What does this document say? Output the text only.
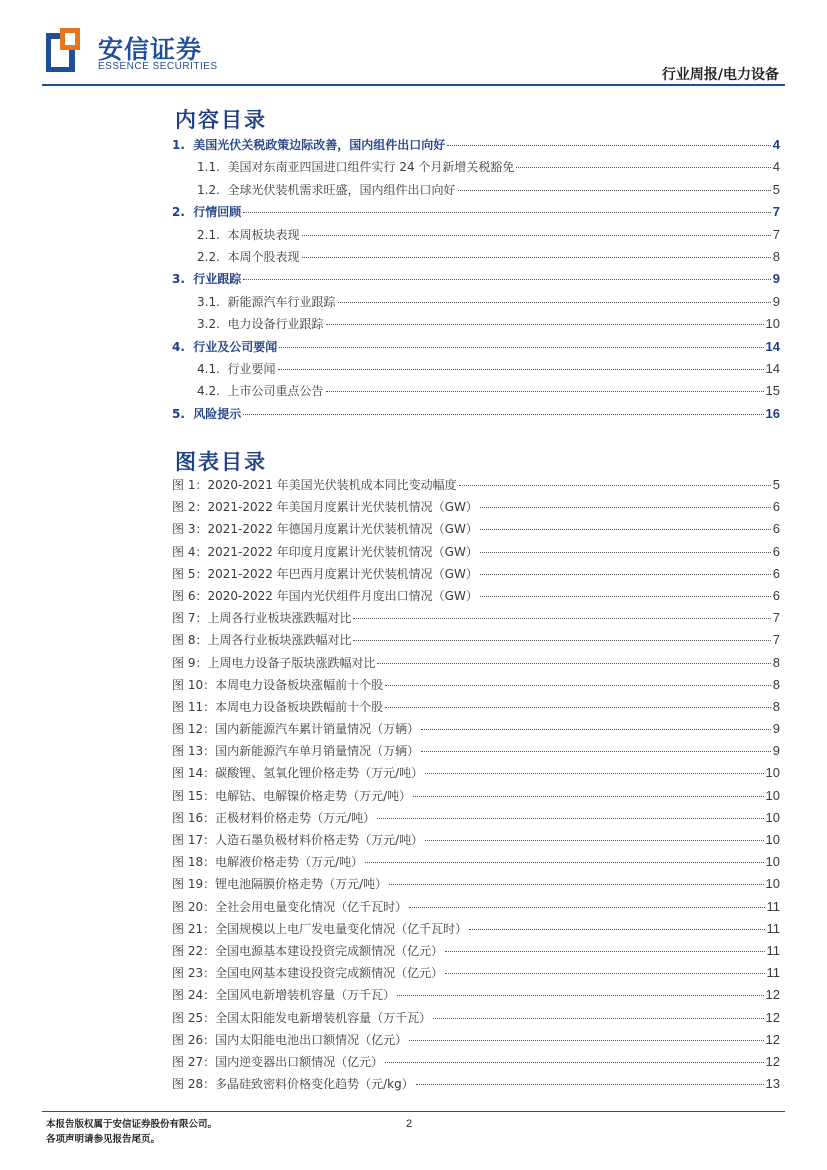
安信证券
ESSENCE SECURITIES
行业周报/电力设备
内容目录
1. 美国光伏关税政策边际改善，国内组件出口向好	4
1.1. 美国对东南亚四国进口组件实行 24 个月新增关税豁免	4
1.2. 全球光伏装机需求旺盛，国内组件出口向好	5
2. 行情回顾	7
2.1. 本周板块表现	7
2.2. 本周个股表现	8
3. 行业跟踪	9
3.1. 新能源汽车行业跟踪	9
3.2. 电力设备行业跟踪	10
4. 行业及公司要闻	14
4.1. 行业要闻	14
4.2. 上市公司重点公告	15
5. 风险提示	16
图表目录
图 1： 2020-2021 年美国光伏装机成本同比变动幅度	5
图 2： 2021-2022 年美国月度累计光伏装机情况（GW）	6
图 3： 2021-2022 年德国月度累计光伏装机情况（GW）	6
图 4： 2021-2022 年印度月度累计光伏装机情况（GW）	6
图 5： 2021-2022 年巴西月度累计光伏装机情况（GW）	6
图 6： 2020-2022 年国内光伏组件月度出口情况（GW）	6
图 7： 上周各行业板块涨跌幅对比	7
图 8： 上周各行业板块涨跌幅对比	7
图 9： 上周电力设备子版块涨跌幅对比	8
图 10： 本周电力设备板块涨幅前十个股	8
图 11： 本周电力设备板块跌幅前十个股	8
图 12： 国内新能源汽车累计销量情况（万辆）	9
图 13： 国内新能源汽车单月销量情况（万辆）	9
图 14： 碳酸锂、氢氧化锂价格走势（万元/吨）	10
图 15： 电解钴、电解镍价格走势（万元/吨）	10
图 16： 正极材料价格走势（万元/吨）	10
图 17： 人造石墨负极材料价格走势（万元/吨）	10
图 18： 电解液价格走势（万元/吨）	10
图 19： 锂电池隔膜价格走势（万元/吨）	10
图 20： 全社会用电量变化情况（亿千瓦时）	11
图 21： 全国规模以上电厂发电量变化情况（亿千瓦时）	11
图 22： 全国电源基本建设投资完成额情况（亿元）	11
图 23： 全国电网基本建设投资完成额情况（亿元）	11
图 24： 全国风电新增装机容量（万千瓦）	12
图 25： 全国太阳能发电新增装机容量（万千瓦）	12
图 26： 国内太阳能电池出口额情况（亿元）	12
图 27： 国内逆变器出口额情况（亿元）	12
图 28： 多晶硅致密料价格变化趋势（元/kg）	13
本报告版权属于安信证券股份有限公司。
各项声明请参见报告尾页。
2
